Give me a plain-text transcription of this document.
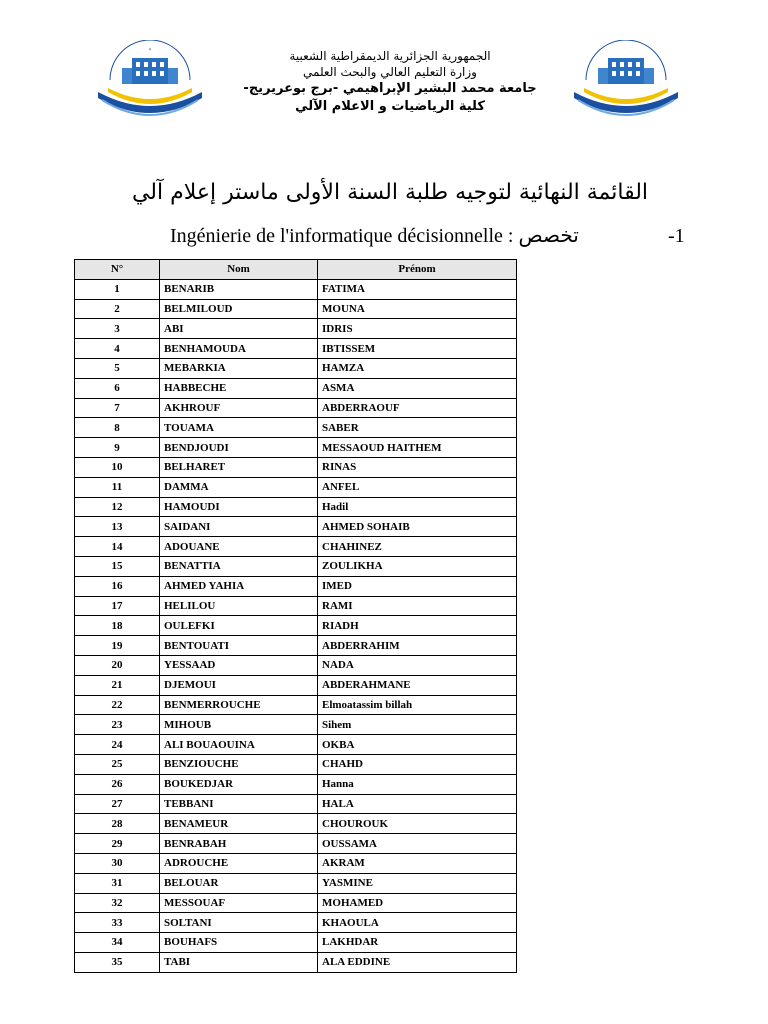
*	الجمهورية الجزائرية الديمقراطية الشعبية
وزارة التعليم العالي والبحث العلمي
جامعة محمد البشير الإبراهيمي -برج بوعريريج-
كلية الرياضيات و الاعلام الآلي
القائمة النهائية لتوجيه طلبة السنة الأولى ماستر إعلام آلي
Ingénierie de l'informatique décisionnelle : تخصص	-1
N°	Nom	Prénom
1	BENARIB	FATIMA
2	BELMILOUD	MOUNA
3	ABI	IDRIS
4	BENHAMOUDA	IBTISSEM
5	MEBARKIA	HAMZA
6	HABBECHE	ASMA
7	AKHROUF	ABDERRAOUF
8	TOUAMA	SABER
9	BENDJOUDI	MESSAOUD HAITHEM
10	BELHARET	RINAS
11	DAMMA	ANFEL
12	HAMOUDI	Hadil
13	SAIDANI	AHMED SOHAIB
14	ADOUANE	CHAHINEZ
15	BENATTIA	ZOULIKHA
16	AHMED YAHIA	IMED
17	HELILOU	RAMI
18	OULEFKI	RIADH
19	BENTOUATI	ABDERRAHIM
20	YESSAAD	NADA
21	DJEMOUI	ABDERAHMANE
22	BENMERROUCHE	Elmoatassim billah
23	MIHOUB	Sihem
24	ALI BOUAOUINA	OKBA
25	BENZIOUCHE	CHAHD
26	BOUKEDJAR	Hanna
27	TEBBANI	HALA
28	BENAMEUR	CHOUROUK
29	BENRABAH	OUSSAMA
30	ADROUCHE	AKRAM
31	BELOUAR	YASMINE
32	MESSOUAF	MOHAMED
33	SOLTANI	KHAOULA
34	BOUHAFS	LAKHDAR
35	TABI	ALA EDDINE
